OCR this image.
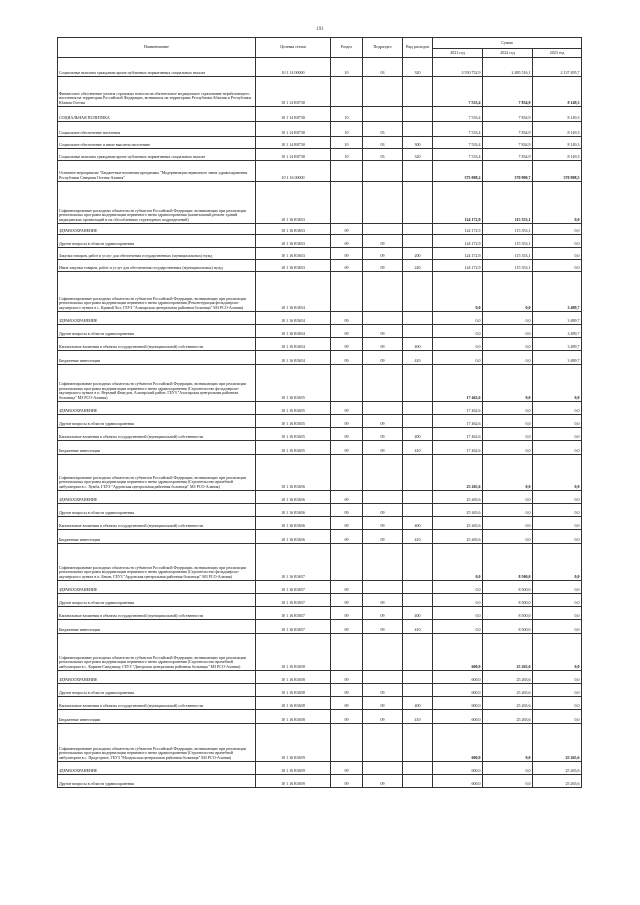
191
Наименование	Целевая статья	Раздел	Подраздел	Вид расходов	Сумма		
					2021 год	2022 год	2023 год
Социальные выплаты гражданам кроме публичных нормативных социальных выплат	10 1 14 00000	10	03	320	3 550 752,9	2 485 516,1	2 137 495,7
Финансовое обеспечение уплаты страховых взносов на обязательное медицинское страхование неработающего населения на территории Российской Федерации, возникших на территориях Республики Абхазия и Республики Южная Осетия	10 1 14 R0730				7 533,4	7 834,9	8 149,3
СОЦИАЛЬНАЯ ПОЛИТИКА	10 1 14 R0730	10			7 533,4	7 834,9	8 149,3
Социальное обеспечение населения	10 1 14 R0730	10	03		7 533,4	7 834,9	8 149,3
Социальное обеспечение и иные выплаты населению	10 1 14 R0730	10	03	300	7 533,4	7 834,9	8 149,3
Социальные выплаты гражданам кроме публичных нормативных социальных выплат	10 1 14 R0730	10	03	320	7 533,4	7 834,9	8 149,3
Основное мероприятие "Бюджетные вложения программы "Модернизация первичного звена здравоохранения Республики Северная Осетия-Алания"	10 1 16 00000				375 008,2	370 990,7	370 908,5
Софинансирование расходных обязательств субъектов Российской Федерации, возникающих при реализации региональных программ модернизации первичного звена здравоохранения (капитальный ремонт зданий медицинских организаций и их обособленных структурных подразделений)	10 1 16 R3653				124 172,9	115 353,1	0,0
ЗДРАВООХРАНЕНИЕ	10 1 16 R3653	09			124 172,9	115 353,1	0,0
Другие вопросы в области здравоохранения	10 1 16 R3653	09	09		124 172,9	115 353,1	0,0
Закупка товаров, работ и услуг для обеспечения государственных (муниципальных) нужд	10 1 16 R3653	09	09	200	124 172,9	115 353,1	0,0
Иные закупки товаров, работ и услуг для обеспечения государственных (муниципальных) нужд	10 1 16 R3653	09	09	240	124 172,9	115 353,1	0,0
Софинансирование расходных обязательств субъектов Российской Федерации, возникающих при реализации региональных программ модернизации первичного звена здравоохранения (Реконструкция фельдшерско-акушерского пункта в с. Кривой Хоз, ГБУЗ "Алагирская центральная районная больница" МЗ РСО-Алания)	10 1 16 R3654				0,0	0,0	3 489,7
ЗДРАВООХРАНЕНИЕ	10 1 16 R3654	09			0,0	0,0	3 489,7
Другие вопросы в области здравоохранения	10 1 16 R3654	09	09		0,0	0,0	3 489,7
Капитальные вложения в объекты государственной (муниципальной) собственности	10 1 16 R3654	09	09	400	0,0	0,0	3 489,7
Бюджетные инвестиции	10 1 16 R3654	09	09	410	0,0	0,0	3 489,7
Софинансирование расходных обязательств субъектов Российской Федерации, возникающих при реализации региональных программ модернизации первичного звена здравоохранения (Строительство фельдшерско-акушерского пункта в п. Верхний Фиагдон, Алагирский район, ГБУЗ "Алагирская центральная районная больница" МЗ РСО-Алания)	10 1 16 R3655				17 462,6	0,0	0,0
ЗДРАВООХРАНЕНИЕ	10 1 16 R3655	09			17 462,6	0,0	0,0
Другие вопросы в области здравоохранения	10 1 16 R3655	09	09		17 462,6	0,0	0,0
Капитальные вложения в объекты государственной (муниципальной) собственности	10 1 16 R3655	09	09	400	17 462,6	0,0	0,0
Бюджетные инвестиции	10 1 16 R3655	09	09	410	17 462,6	0,0	0,0
Софинансирование расходных обязательств субъектов Российской Федерации, возникающих при реализации региональных программ модернизации первичного звена здравоохранения (Строительство врачебной амбулатории в с. Хумба, ГБУЗ "Ардонская центральная районная больница" МЗ РСО-Алания)	10 1 16 R3656				25 265,6	0,0	0,0
ЗДРАВООХРАНЕНИЕ	10 1 16 R3656	09			25 265,6	0,0	0,0
Другие вопросы в области здравоохранения	10 1 16 R3656	09	09		25 265,6	0,0	0,0
Капитальные вложения в объекты государственной (муниципальной) собственности	10 1 16 R3656	09	09	400	25 265,6	0,0	0,0
Бюджетные инвестиции	10 1 16 R3656	09	09	410	25 265,6	0,0	0,0
Софинансирование расходных обязательств субъектов Российской Федерации, возникающих при реализации региональных программ модернизации первичного звена здравоохранения (Строительство фельдшерско-акушерского пункта в п. Бекан, ГБУЗ "Ардонская центральная районная больница" МЗ РСО-Алания)	10 1 16 R3657				0,0	8 500,0	0,0
ЗДРАВООХРАНЕНИЕ	10 1 16 R3657	09			0,0	8 500,0	0,0
Другие вопросы в области здравоохранения	10 1 16 R3657	09	09		0,0	8 500,0	0,0
Капитальные вложения в объекты государственной (муниципальной) собственности	10 1 16 R3657	09	09	400	0,0	8 500,0	0,0
Бюджетные инвестиции	10 1 16 R3657	09	09	410	0,0	8 500,0	0,0
Софинансирование расходных обязательств субъектов Российской Федерации, возникающих при реализации региональных программ модернизации первичного звена здравоохранения (Строительство врачебной амбулатории в с. Карман-Синдзикау, ГБУЗ "Дигорская центральная районная больница" МЗ РСО-Алания)	10 1 16 R3658				600,0	25 265,6	0,0
ЗДРАВООХРАНЕНИЕ	10 1 16 R3658	09			600,0	25 265,6	0,0
Другие вопросы в области здравоохранения	10 1 16 R3658	09	09		600,0	25 265,6	0,0
Капитальные вложения в объекты государственной (муниципальной) собственности	10 1 16 R3658	09	09	400	600,0	25 265,6	0,0
Бюджетные инвестиции	10 1 16 R3658	09	09	410	600,0	25 265,6	0,0
Софинансирование расходных обязательств субъектов Российской Федерации, возникающих при реализации региональных программ модернизации первичного звена здравоохранения (Строительство врачебной амбулатории в с. Прадгорное, ГБУЗ "Моздокская центральная районная больница" МЗ РСО-Алания)	10 1 16 R3659				600,0	0,0	25 265,6
ЗДРАВООХРАНЕНИЕ	10 1 16 R3659	09			600,0	0,0	25 265,6
Другие вопросы в области здравоохранения	10 1 16 R3659	09	09		600,0	0,0	25 265,6
